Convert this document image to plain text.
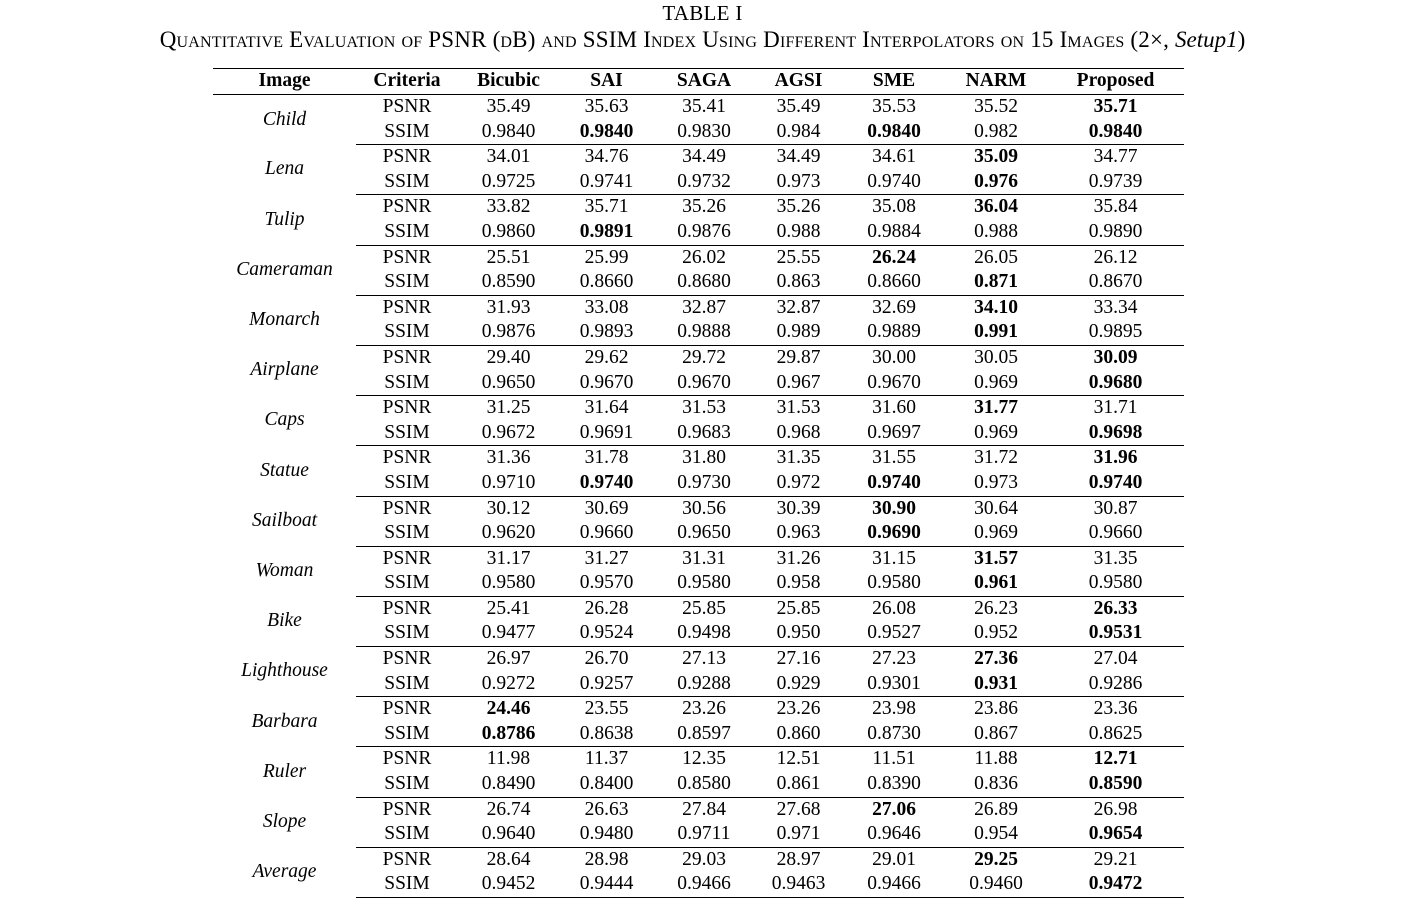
TABLE I
Quantitative Evaluation of PSNR (dB) and SSIM Index Using Different Interpolators on 15 Images (2×, Setup1)
Image	Criteria	Bicubic	SAI	SAGA	AGSI	SME	NARM	Proposed
Child	PSNR	35.49	35.63	35.41	35.49	35.53	35.52	35.71
	SSIM	0.9840	0.9840	0.9830	0.984	0.9840	0.982	0.9840
Lena	PSNR	34.01	34.76	34.49	34.49	34.61	35.09	34.77
	SSIM	0.9725	0.9741	0.9732	0.973	0.9740	0.976	0.9739
Tulip	PSNR	33.82	35.71	35.26	35.26	35.08	36.04	35.84
	SSIM	0.9860	0.9891	0.9876	0.988	0.9884	0.988	0.9890
Cameraman	PSNR	25.51	25.99	26.02	25.55	26.24	26.05	26.12
	SSIM	0.8590	0.8660	0.8680	0.863	0.8660	0.871	0.8670
Monarch	PSNR	31.93	33.08	32.87	32.87	32.69	34.10	33.34
	SSIM	0.9876	0.9893	0.9888	0.989	0.9889	0.991	0.9895
Airplane	PSNR	29.40	29.62	29.72	29.87	30.00	30.05	30.09
	SSIM	0.9650	0.9670	0.9670	0.967	0.9670	0.969	0.9680
Caps	PSNR	31.25	31.64	31.53	31.53	31.60	31.77	31.71
	SSIM	0.9672	0.9691	0.9683	0.968	0.9697	0.969	0.9698
Statue	PSNR	31.36	31.78	31.80	31.35	31.55	31.72	31.96
	SSIM	0.9710	0.9740	0.9730	0.972	0.9740	0.973	0.9740
Sailboat	PSNR	30.12	30.69	30.56	30.39	30.90	30.64	30.87
	SSIM	0.9620	0.9660	0.9650	0.963	0.9690	0.969	0.9660
Woman	PSNR	31.17	31.27	31.31	31.26	31.15	31.57	31.35
	SSIM	0.9580	0.9570	0.9580	0.958	0.9580	0.961	0.9580
Bike	PSNR	25.41	26.28	25.85	25.85	26.08	26.23	26.33
	SSIM	0.9477	0.9524	0.9498	0.950	0.9527	0.952	0.9531
Lighthouse	PSNR	26.97	26.70	27.13	27.16	27.23	27.36	27.04
	SSIM	0.9272	0.9257	0.9288	0.929	0.9301	0.931	0.9286
Barbara	PSNR	24.46	23.55	23.26	23.26	23.98	23.86	23.36
	SSIM	0.8786	0.8638	0.8597	0.860	0.8730	0.867	0.8625
Ruler	PSNR	11.98	11.37	12.35	12.51	11.51	11.88	12.71
	SSIM	0.8490	0.8400	0.8580	0.861	0.8390	0.836	0.8590
Slope	PSNR	26.74	26.63	27.84	27.68	27.06	26.89	26.98
	SSIM	0.9640	0.9480	0.9711	0.971	0.9646	0.954	0.9654
Average	PSNR	28.64	28.98	29.03	28.97	29.01	29.25	29.21
	SSIM	0.9452	0.9444	0.9466	0.9463	0.9466	0.9460	0.9472
